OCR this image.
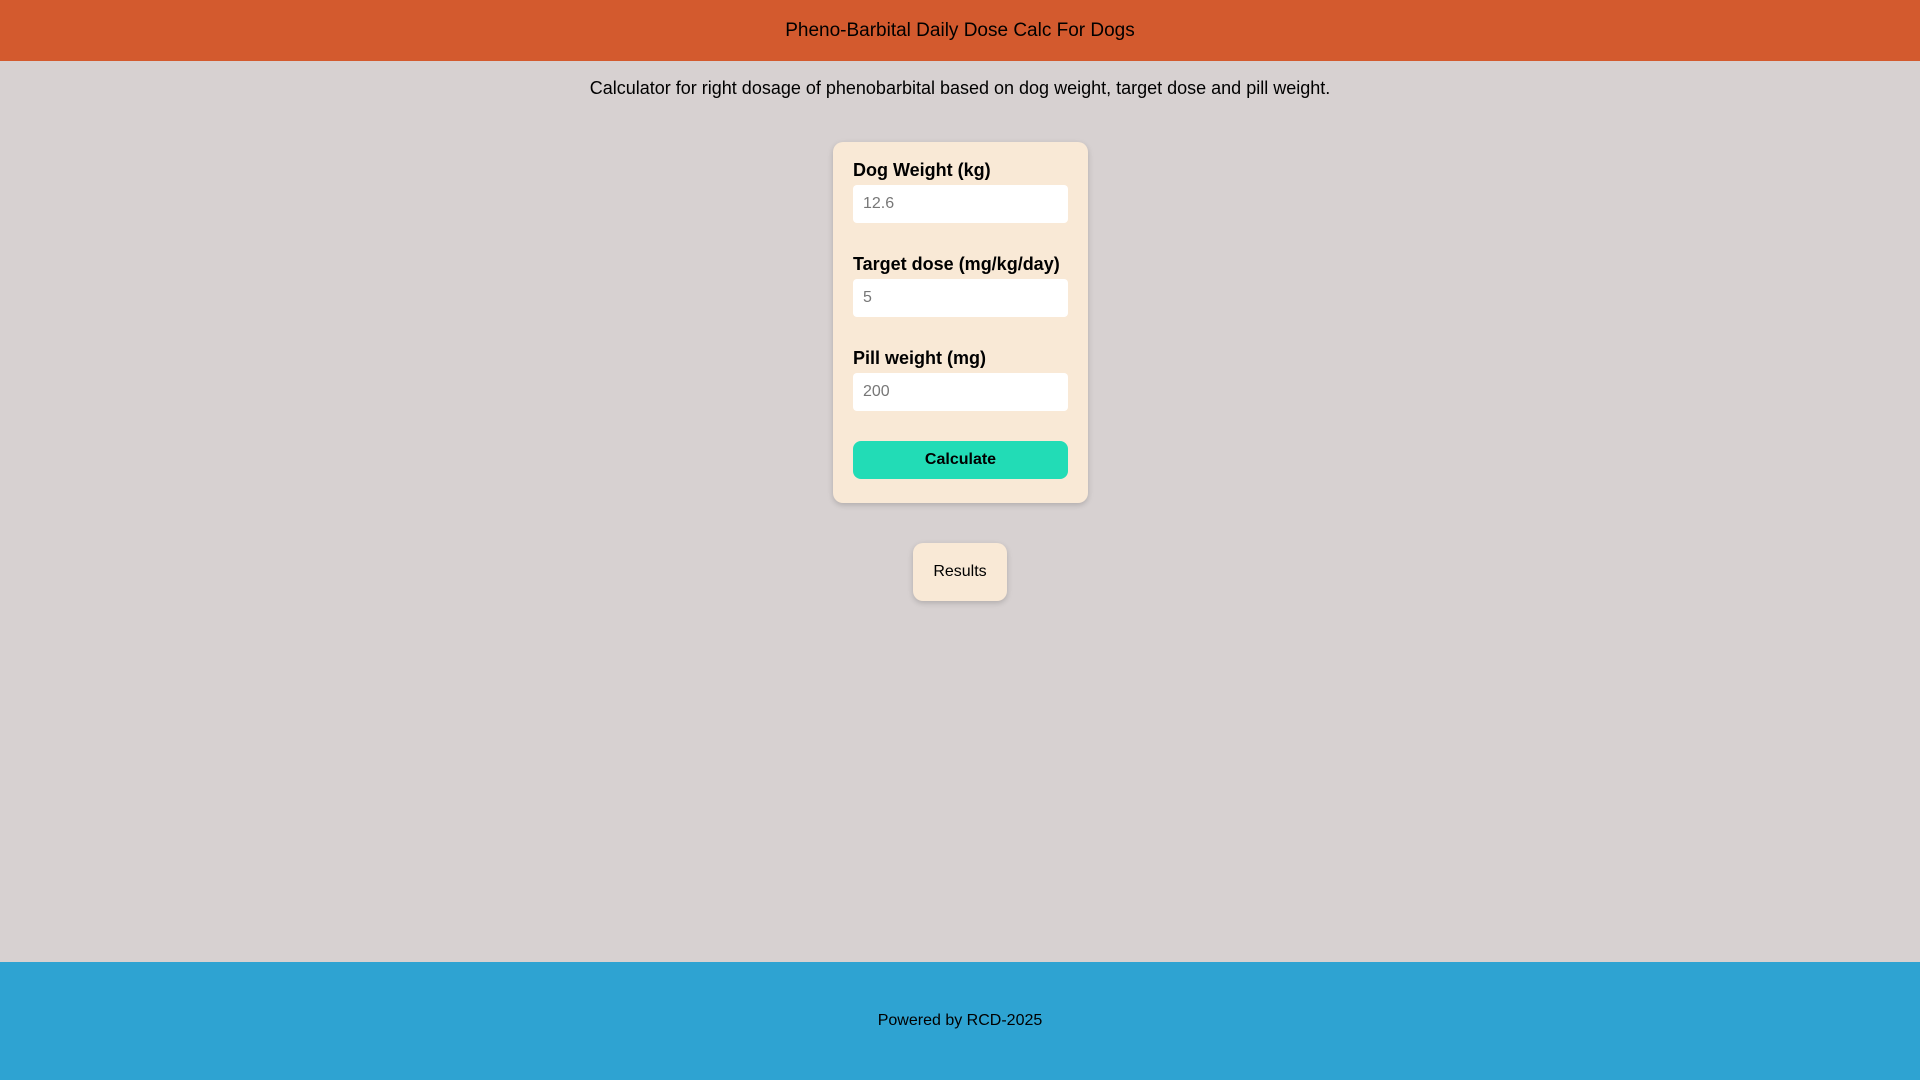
Pheno-Barbital Daily Dose Calc For Dogs
Calculator for right dosage of phenobarbital based on dog weight, target dose and pill weight.
Dog Weight (kg)
12.6
Target dose (mg/kg/day)
5
Pill weight (mg)
200
Calculate
Results
Powered by RCD-2025
